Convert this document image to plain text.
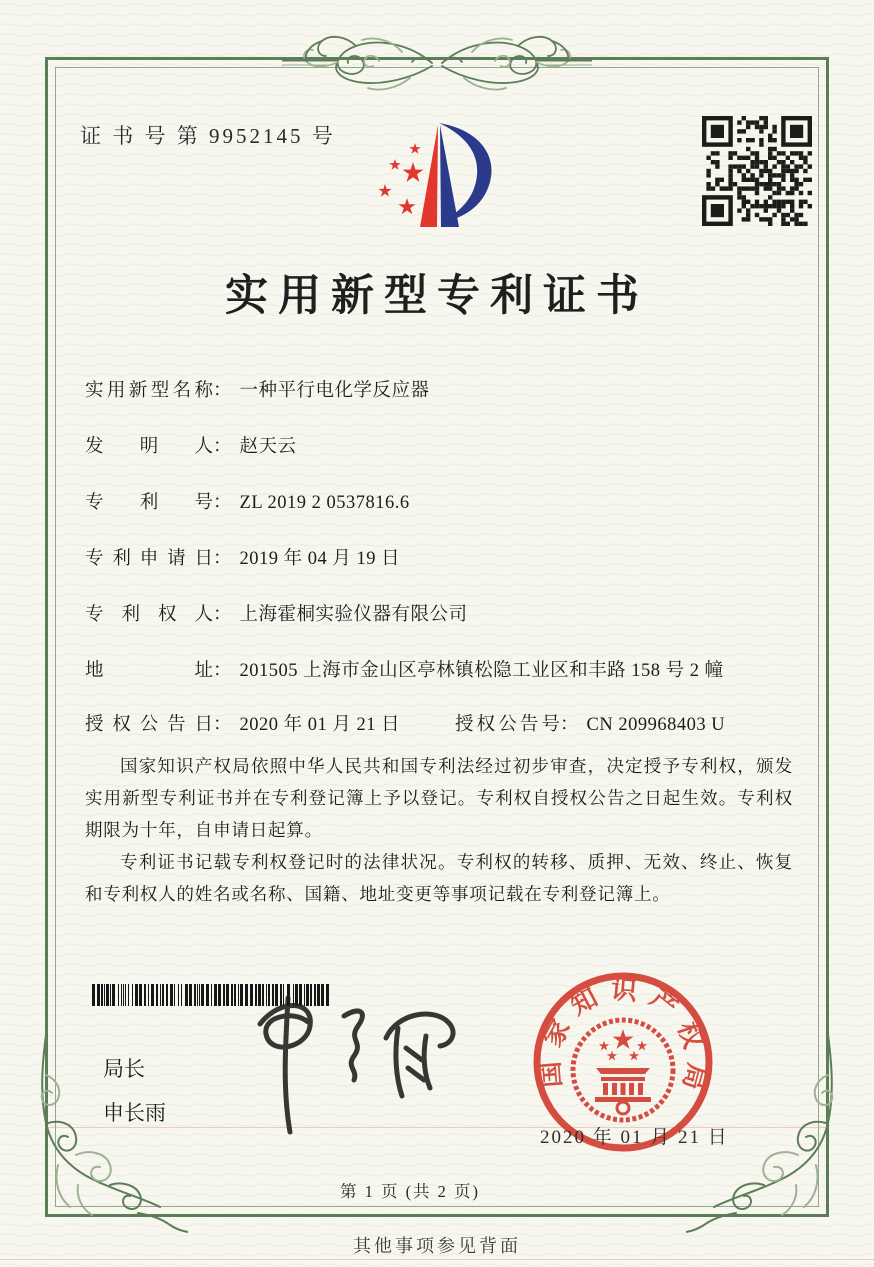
证 书 号 第 9952145 号
实用新型专利证书
实用新型名称： 一种平行电化学反应器
发明人： 赵天云
专利号： ZL 2019 2 0537816.6
专利申请日： 2019 年 04 月 19 日
专利权人： 上海霍桐实验仪器有限公司
地址： 201505 上海市金山区亭林镇松隐工业区和丰路 158 号 2 幢
授权公告日： 2020 年 01 月 21 日	授权公告号： CN 209968403 U

国家知识产权局依照中华人民共和国专利法经过初步审查，决定授予专利权，颁发实用新型专利证书并在专利登记簿上予以登记。专利权自授权公告之日起生效。专利权期限为十年，自申请日起算。

专利证书记载专利权登记时的法律状况。专利权的转移、质押、无效、终止、恢复和专利权人的姓名或名称、国籍、地址变更等事项记载在专利登记簿上。

局长
申长雨
国家知识产权局
2020 年 01 月 21 日
第 1 页 (共 2 页)
其他事项参见背面
